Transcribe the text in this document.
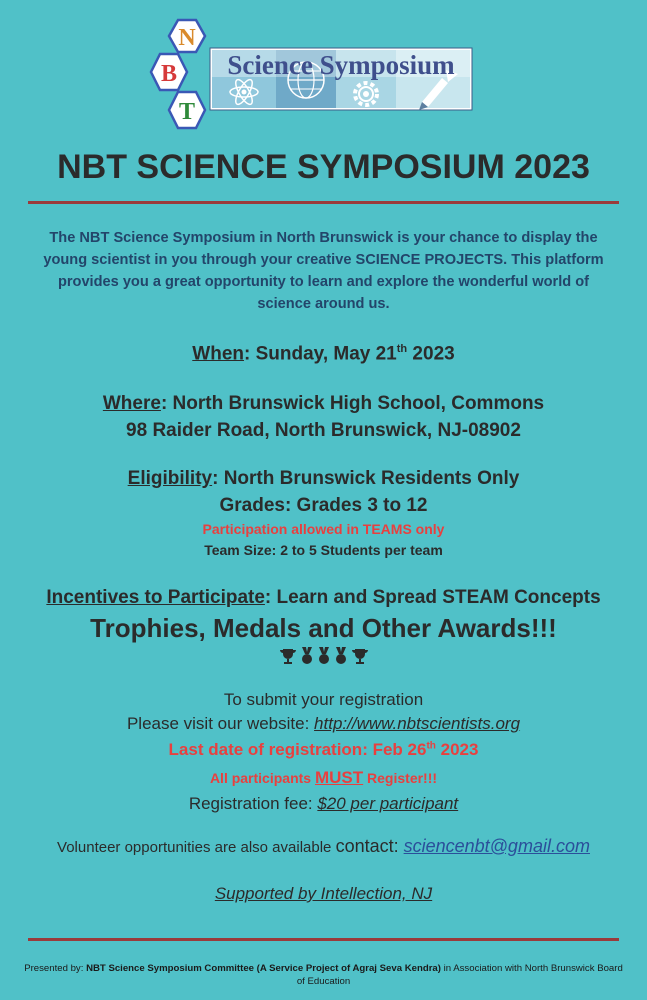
N
B
T
Science Symposium
NBT SCIENCE SYMPOSIUM 2023
The NBT Science Symposium in North Brunswick is your chance to display the young scientist in you through your creative SCIENCE PROJECTS. This platform provides you a great opportunity to learn and explore the wonderful world of science around us.
When: Sunday, May 21th 2023
Where: North Brunswick High School, Commons
98 Raider Road, North Brunswick, NJ-08902
Eligibility: North Brunswick Residents Only
Grades: Grades 3 to 12
Participation allowed in TEAMS only
Team Size: 2 to 5 Students per team
Incentives to Participate: Learn and Spread STEAM Concepts
Trophies, Medals and Other Awards!!!
To submit your registration
Please visit our website: http://www.nbtscientists.org
Last date of registration: Feb 26th 2023
All participants MUST Register!!!
Registration fee: $20 per participant
Volunteer opportunities are also available contact: sciencenbt@gmail.com
Supported by Intellection, NJ
Presented by: NBT Science Symposium Committee (A Service Project of Agraj Seva Kendra) in Association with North Brunswick Board of Education
